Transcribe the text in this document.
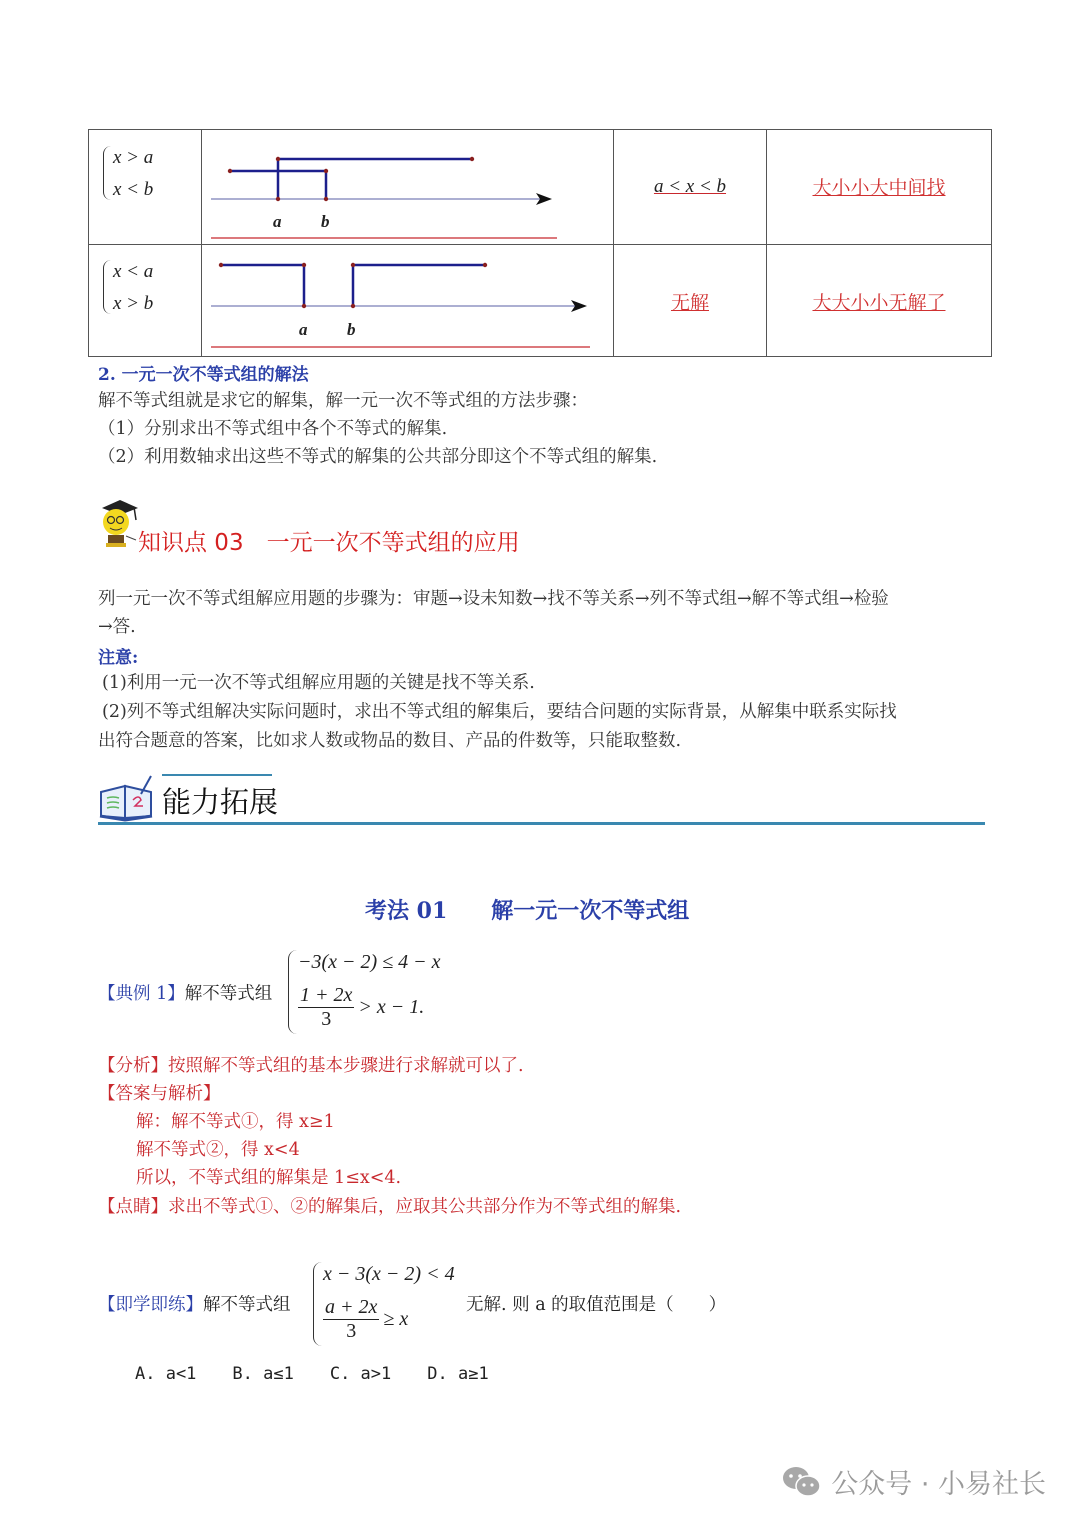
x > a
x < b
a b
a < x < b	大小小大中间找
x < a
x > b
a b
无解	大大小小无解了
2. 一元一次不等式组的解法
解不等式组就是求它的解集，解一元一次不等式组的方法步骤：
（1）分别求出不等式组中各个不等式的解集.
（2）利用数轴求出这些不等式的解集的公共部分即这个不等式组的解集.
知识点 03　一元一次不等式组的应用
列一元一次不等式组解应用题的步骤为：审题→设未知数→找不等关系→列不等式组→解不等式组→检验
→答.
注意:
(1)利用一元一次不等式组解应用题的关键是找不等关系.
(2)列不等式组解决实际问题时，求出不等式组的解集后，要结合问题的实际背景，从解集中联系实际找
出符合题意的答案，比如求人数或物品的数目、产品的件数等，只能取整数.
能力拓展
考法 01　　解一元一次不等式组
【典例 1】解不等式组
−3(x − 2) ≤ 4 − x
$\frac{1 + 2x}{3} > x - 1$.
【分析】按照解不等式组的基本步骤进行求解就可以了.
【答案与解析】
解：解不等式①，得 x≥1
解不等式②，得 x<4
所以，不等式组的解集是 1≤x<4.
【点睛】求出不等式①、②的解集后，应取其公共部分作为不等式组的解集.
【即学即练】解不等式组
x − 3(x − 2) < 4
$\frac{a + 2x}{3} \ge x$
无解. 则 a 的取值范围是（　　）
A. a<1 B. a≤1 C. a>1 D. a≥1
公众号 · 小易社长
